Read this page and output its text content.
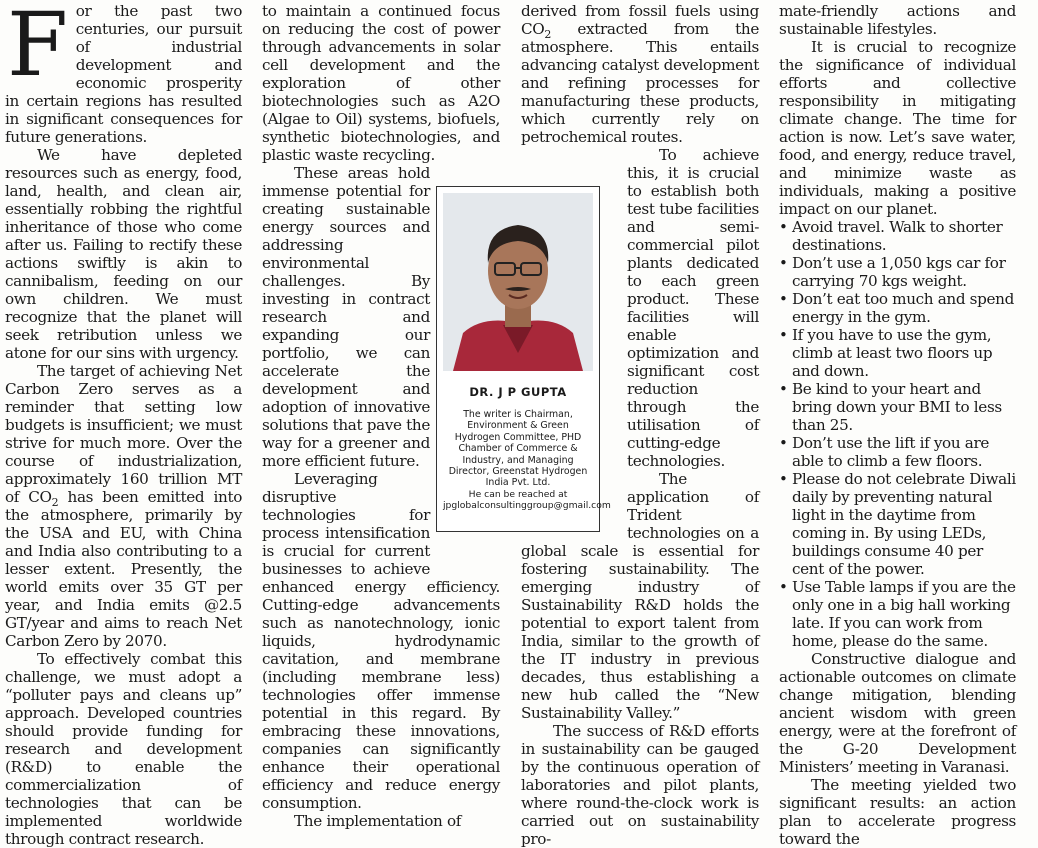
For the past two centuries, our pursuit of industrial development and economic prosperity in certain regions has resulted in significant consequences for future generations.

We have depleted resources such as energy, food, land, health, and clean air, essentially robbing the rightful inheritance of those who come after us. Failing to rectify these actions swiftly is akin to cannibalism, feeding on our own children. We must recognize that the planet will seek retribution unless we atone for our sins with urgency.

The target of achieving Net Carbon Zero serves as a reminder that setting low budgets is insufficient; we must strive for much more. Over the course of industrialization, approximately 160 trillion MT of $CO_2$ has been emitted into the atmosphere, primarily by the USA and EU, with China and India also contributing to a lesser extent. Presently, the world emits over 35 GT per year, and India emits @2.5 GT/year and aims to reach Net Carbon Zero by 2070.

To effectively combat this challenge, we must adopt a “polluter pays and cleans up” approach. Developed countries should provide funding for research and development (R&D) to enable the commercialization of technologies that can be implemented worldwide through contract research.

to maintain a continued focus on reducing the cost of power through advancements in solar cell development and the exploration of other biotechnologies such as A2O (Algae to Oil) systems, biofuels, synthetic biotechnologies, and plastic waste recycling.

These areas hold immense potential for creating sustainable energy sources and addressing environmental challenges. By investing in contract research and expanding our portfolio, we can accelerate the development and adoption of innovative solutions that pave the way for a greener and more efficient future.

Leveraging disruptive technologies for process intensification is crucial for current businesses to achieve enhanced energy efficiency. Cutting-edge advancements such as nanotechnology, ionic liquids, hydrodynamic cavitation, and membrane (including membrane less) technologies offer immense potential in this regard. By embracing these innovations, companies can significantly enhance their operational efficiency and reduce energy consumption.

The implementation of

derived from fossil fuels using $CO_2$ extracted from the atmosphere. This entails advancing catalyst development and refining processes for manufacturing these products, which currently rely on petrochemical routes.

To achieve this, it is crucial to establish both test tube facilities and semi-commercial pilot plants dedicated to each green product. These facilities will enable optimization and significant cost reduction through the utilisation of cutting-edge technologies.

The application of Trident technologies on a global scale is essential for fostering sustainability. The emerging industry of Sustainability R&D holds the potential to export talent from India, similar to the growth of the IT industry in previous decades, thus establishing a new hub called the “New Sustainability Valley.”

The success of R&D efforts in sustainability can be gauged by the continuous operation of laboratories and pilot plants, where round-the-clock work is carried out on sustainability pro-

mate-friendly actions and sustainable lifestyles.

It is crucial to recognize the significance of individual efforts and collective responsibility in mitigating climate change. The time for action is now. Let’s save water, food, and energy, reduce travel, and minimize waste as individuals, making a positive impact on our planet.

• Avoid travel. Walk to shorter destinations.
• Don’t use a 1,050 kgs car for carrying 70 kgs weight.
• Don’t eat too much and spend energy in the gym.
• If you have to use the gym, climb at least two floors up and down.
• Be kind to your heart and bring down your BMI to less than 25.
• Don’t use the lift if you are able to climb a few floors.
• Please do not celebrate Diwali daily by preventing natural light in the daytime from coming in. By using LEDs, buildings consume 40 per cent of the power.
• Use Table lamps if you are the only one in a big hall working late. If you can work from home, please do the same.

Constructive dialogue and actionable outcomes on climate change mitigation, blending ancient wisdom with green energy, were at the forefront of the G-20 Development Ministers’ meeting in Varanasi.

The meeting yielded two significant results: an action plan to accelerate progress toward the

DR. J P GUPTA
The writer is Chairman, Environment & Green Hydrogen Committee, PHD Chamber of Commerce & Industry, and Managing Director, Greenstat Hydrogen India Pvt. Ltd.
He can be reached at
jpglobalconsultinggroup@gmail.com
